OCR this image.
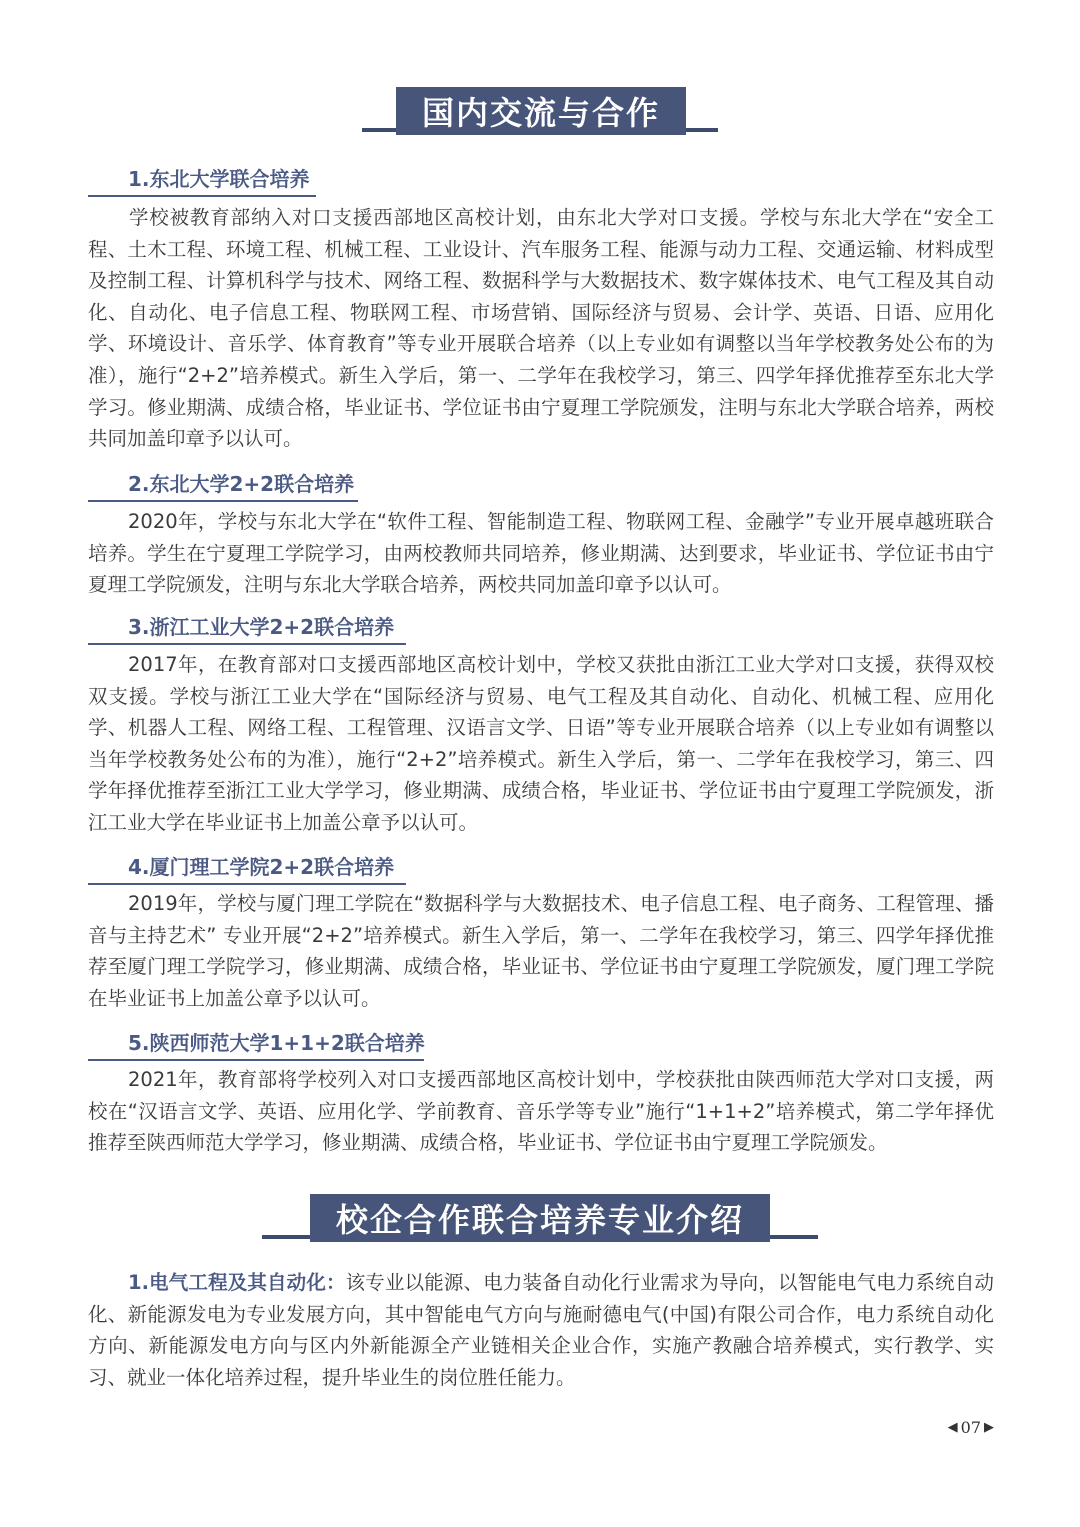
国内交流与合作
1.东北大学联合培养
学校被教育部纳入对口支援西部地区高校计划，由东北大学对口支援。学校与东北大学在“安全工程、土木工程、环境工程、机械工程、工业设计、汽车服务工程、能源与动力工程、交通运输、材料成型及控制工程、计算机科学与技术、网络工程、数据科学与大数据技术、数字媒体技术、电气工程及其自动化、自动化、电子信息工程、物联网工程、市场营销、国际经济与贸易、会计学、英语、日语、应用化学、环境设计、音乐学、体育教育”等专业开展联合培养（以上专业如有调整以当年学校教务处公布的为准），施行“2+2”培养模式。新生入学后，第一、二学年在我校学习，第三、四学年择优推荐至东北大学学习。修业期满、成绩合格，毕业证书、学位证书由宁夏理工学院颁发，注明与东北大学联合培养，两校共同加盖印章予以认可。
2.东北大学2+2联合培养
2020年，学校与东北大学在“软件工程、智能制造工程、物联网工程、金融学”专业开展卓越班联合培养。学生在宁夏理工学院学习，由两校教师共同培养，修业期满、达到要求，毕业证书、学位证书由宁夏理工学院颁发，注明与东北大学联合培养，两校共同加盖印章予以认可。
3.浙江工业大学2+2联合培养
2017年，在教育部对口支援西部地区高校计划中，学校又获批由浙江工业大学对口支援，获得双校双支援。学校与浙江工业大学在“国际经济与贸易、电气工程及其自动化、自动化、机械工程、应用化学、机器人工程、网络工程、工程管理、汉语言文学、日语”等专业开展联合培养（以上专业如有调整以当年学校教务处公布的为准），施行“2+2”培养模式。新生入学后，第一、二学年在我校学习，第三、四学年择优推荐至浙江工业大学学习，修业期满、成绩合格，毕业证书、学位证书由宁夏理工学院颁发，浙江工业大学在毕业证书上加盖公章予以认可。
4.厦门理工学院2+2联合培养
2019年，学校与厦门理工学院在“数据科学与大数据技术、电子信息工程、电子商务、工程管理、播音与主持艺术” 专业开展“2+2”培养模式。新生入学后，第一、二学年在我校学习，第三、四学年择优推荐至厦门理工学院学习，修业期满、成绩合格，毕业证书、学位证书由宁夏理工学院颁发，厦门理工学院在毕业证书上加盖公章予以认可。
5.陕西师范大学1+1+2联合培养
2021年，教育部将学校列入对口支援西部地区高校计划中，学校获批由陕西师范大学对口支援，两校在“汉语言文学、英语、应用化学、学前教育、音乐学等专业”施行“1+1+2”培养模式，第二学年择优推荐至陕西师范大学学习，修业期满、成绩合格，毕业证书、学位证书由宁夏理工学院颁发。
校企合作联合培养专业介绍
1.电气工程及其自动化：该专业以能源、电力装备自动化行业需求为导向，以智能电气电力系统自动化、新能源发电为专业发展方向，其中智能电气方向与施耐德电气(中国)有限公司合作，电力系统自动化方向、新能源发电方向与区内外新能源全产业链相关企业合作，实施产教融合培养模式，实行教学、实习、就业一体化培养过程，提升毕业生的岗位胜任能力。
◀ 07 ▶
